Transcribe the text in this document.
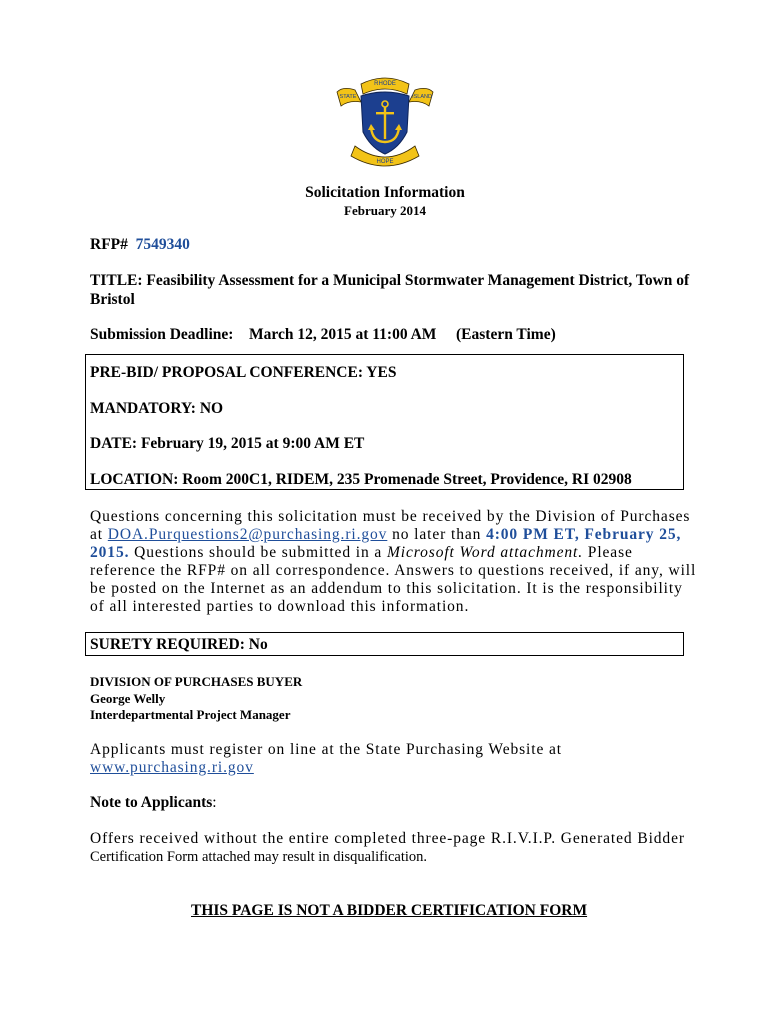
RHODE
STATE	ISLAND
HOPE
Solicitation Information
February 2014
RFP# 7549340
TITLE: Feasibility Assessment for a Municipal Stormwater Management District, Town of
Bristol
Submission Deadline: March 12, 2015 at 11:00 AM (Eastern Time)
PRE-BID/ PROPOSAL CONFERENCE: YES
MANDATORY: NO
DATE: February 19, 2015 at 9:00 AM ET
LOCATION: Room 200C1, RIDEM, 235 Promenade Street, Providence, RI 02908
Questions concerning this solicitation must be received by the Division of Purchases
at DOA.Purquestions2@purchasing.ri.gov no later than 4:00 PM ET, February 25,
2015. Questions should be submitted in a Microsoft Word attachment. Please
reference the RFP# on all correspondence. Answers to questions received, if any, will
be posted on the Internet as an addendum to this solicitation. It is the responsibility
of all interested parties to download this information.
SURETY REQUIRED: No
DIVISION OF PURCHASES BUYER
George Welly
Interdepartmental Project Manager
Applicants must register on line at the State Purchasing Website at
www.purchasing.ri.gov
Note to Applicants:
Offers received without the entire completed three-page R.I.V.I.P. Generated Bidder
Certification Form attached may result in disqualification.
THIS PAGE IS NOT A BIDDER CERTIFICATION FORM
